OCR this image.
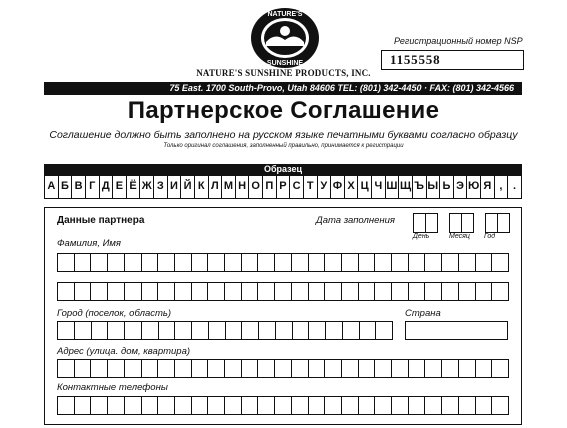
NATURE'S
SUNSHINE
NATURE'S SUNSHINE PRODUCTS, INC.
Регистрационный номер NSP
1155558
75 East. 1700 South-Provo, Utah 84606 TEL: (801) 342-4450 · FAX: (801) 342-4566
Партнерское Соглашение
Соглашение должно быть заполнено на русском языке печатными буквами согласно образцу
Только оригинал соглашения, заполненный правильно, принимается к регистрации
Образец
А Б В Г Д Е Ё Ж З И Й К Л М Н О П Р С Т У Ф Х Ц Ч Ш Щ Ъ Ы Ь Э Ю Я , .
Данные партнера	Дата заполнения
День	Месяц Год
Фамилия, Имя
Город (поселок, область)	Страна
Адрес (улица. дом, квартира)
Контактные телефоны
